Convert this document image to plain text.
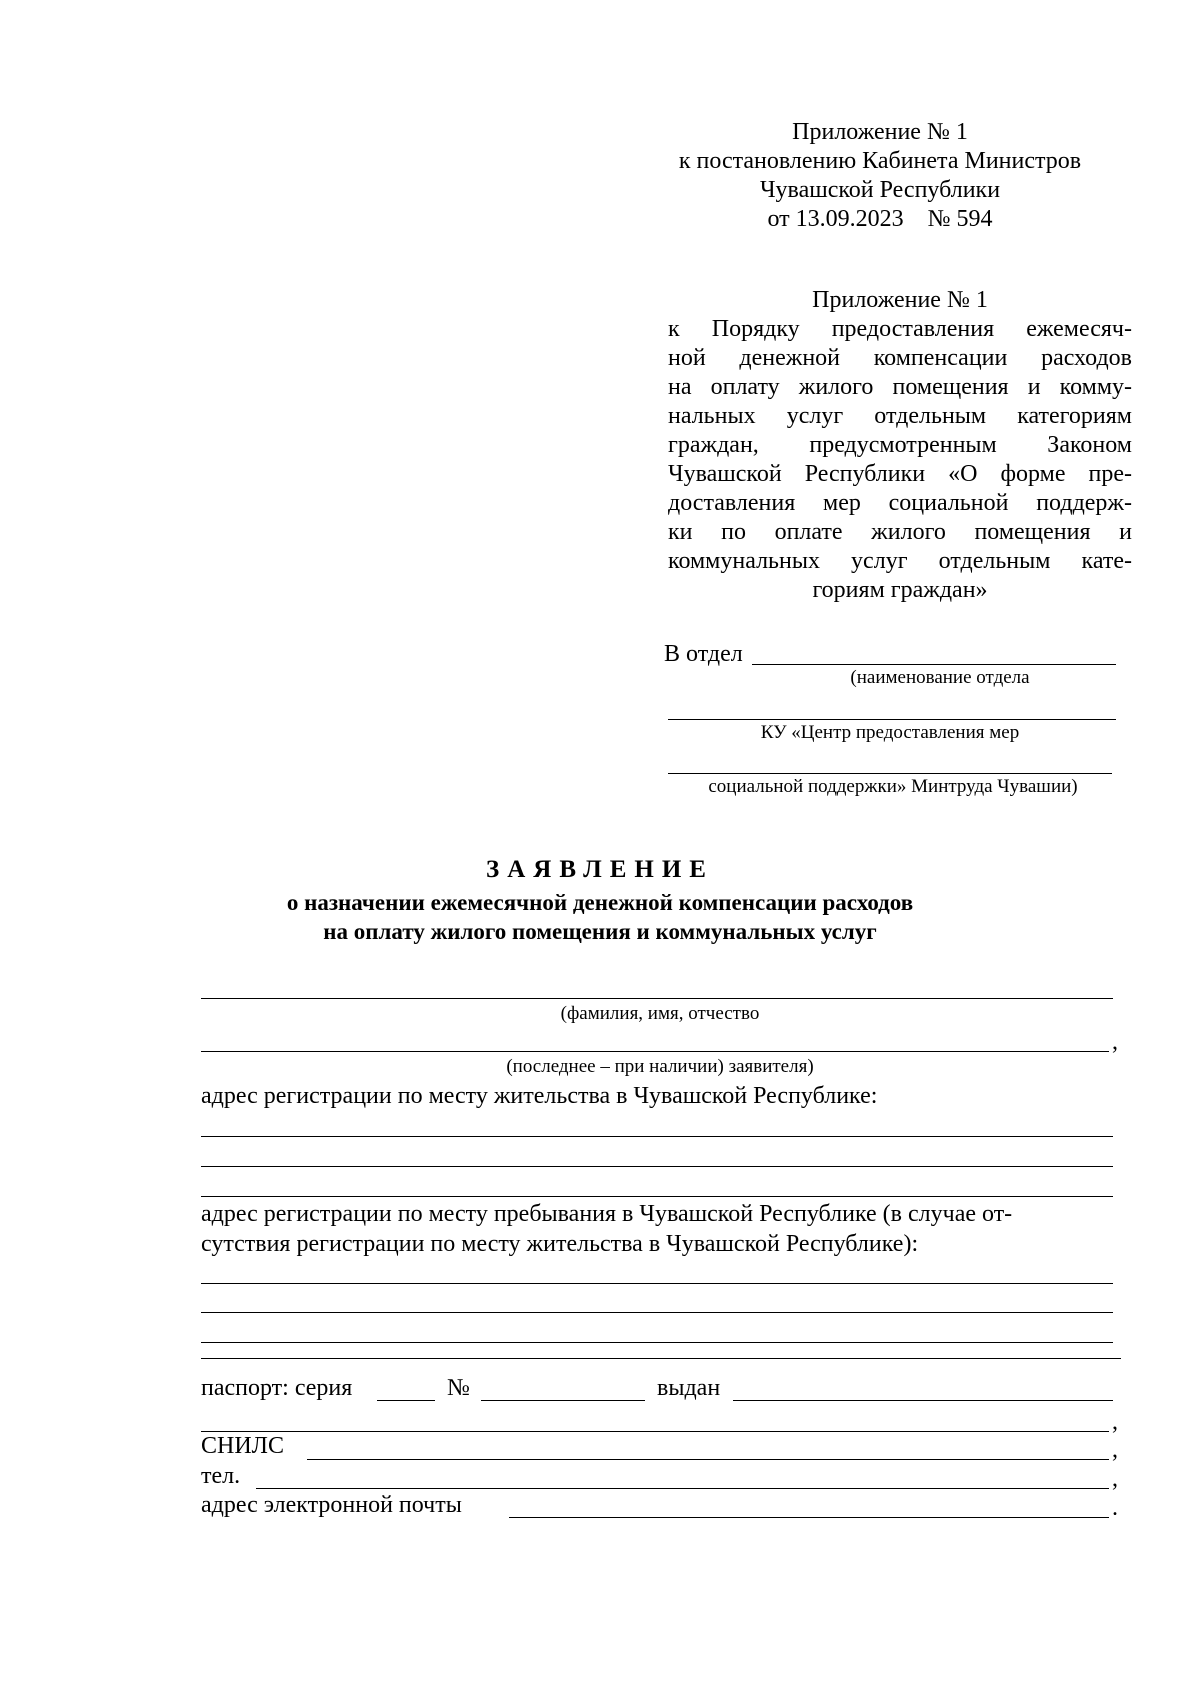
Приложение № 1
к постановлению Кабинета Министров
Чувашской Республики
от 13.09.2023    № 594
Приложение № 1
к Порядку предоставления ежемесяч-
ной денежной компенсации расходов
на оплату жилого помещения и комму-
нальных услуг отдельным категориям
граждан, предусмотренным Законом
Чувашской Республики «О форме пре-
доставления мер социальной поддерж-
ки по оплате жилого помещения и
коммунальных услуг отдельным кате-
гориям граждан»
В отдел
(наименование отдела
КУ «Центр предоставления мер
социальной поддержки» Минтруда Чувашии)
ЗАЯВЛЕНИЕ
о назначении ежемесячной денежной компенсации расходов
на оплату жилого помещения и коммунальных услуг
(фамилия, имя, отчество
,
(последнее – при наличии) заявителя)
адрес регистрации по месту жительства в Чувашской Республике:
адрес регистрации по месту пребывания в Чувашской Республике (в случае от-
сутствия регистрации по месту жительства в Чувашской Республике):
паспорт: серия	№	выдан
,
СНИЛС	,
тел.	,
адрес электронной почты	.
